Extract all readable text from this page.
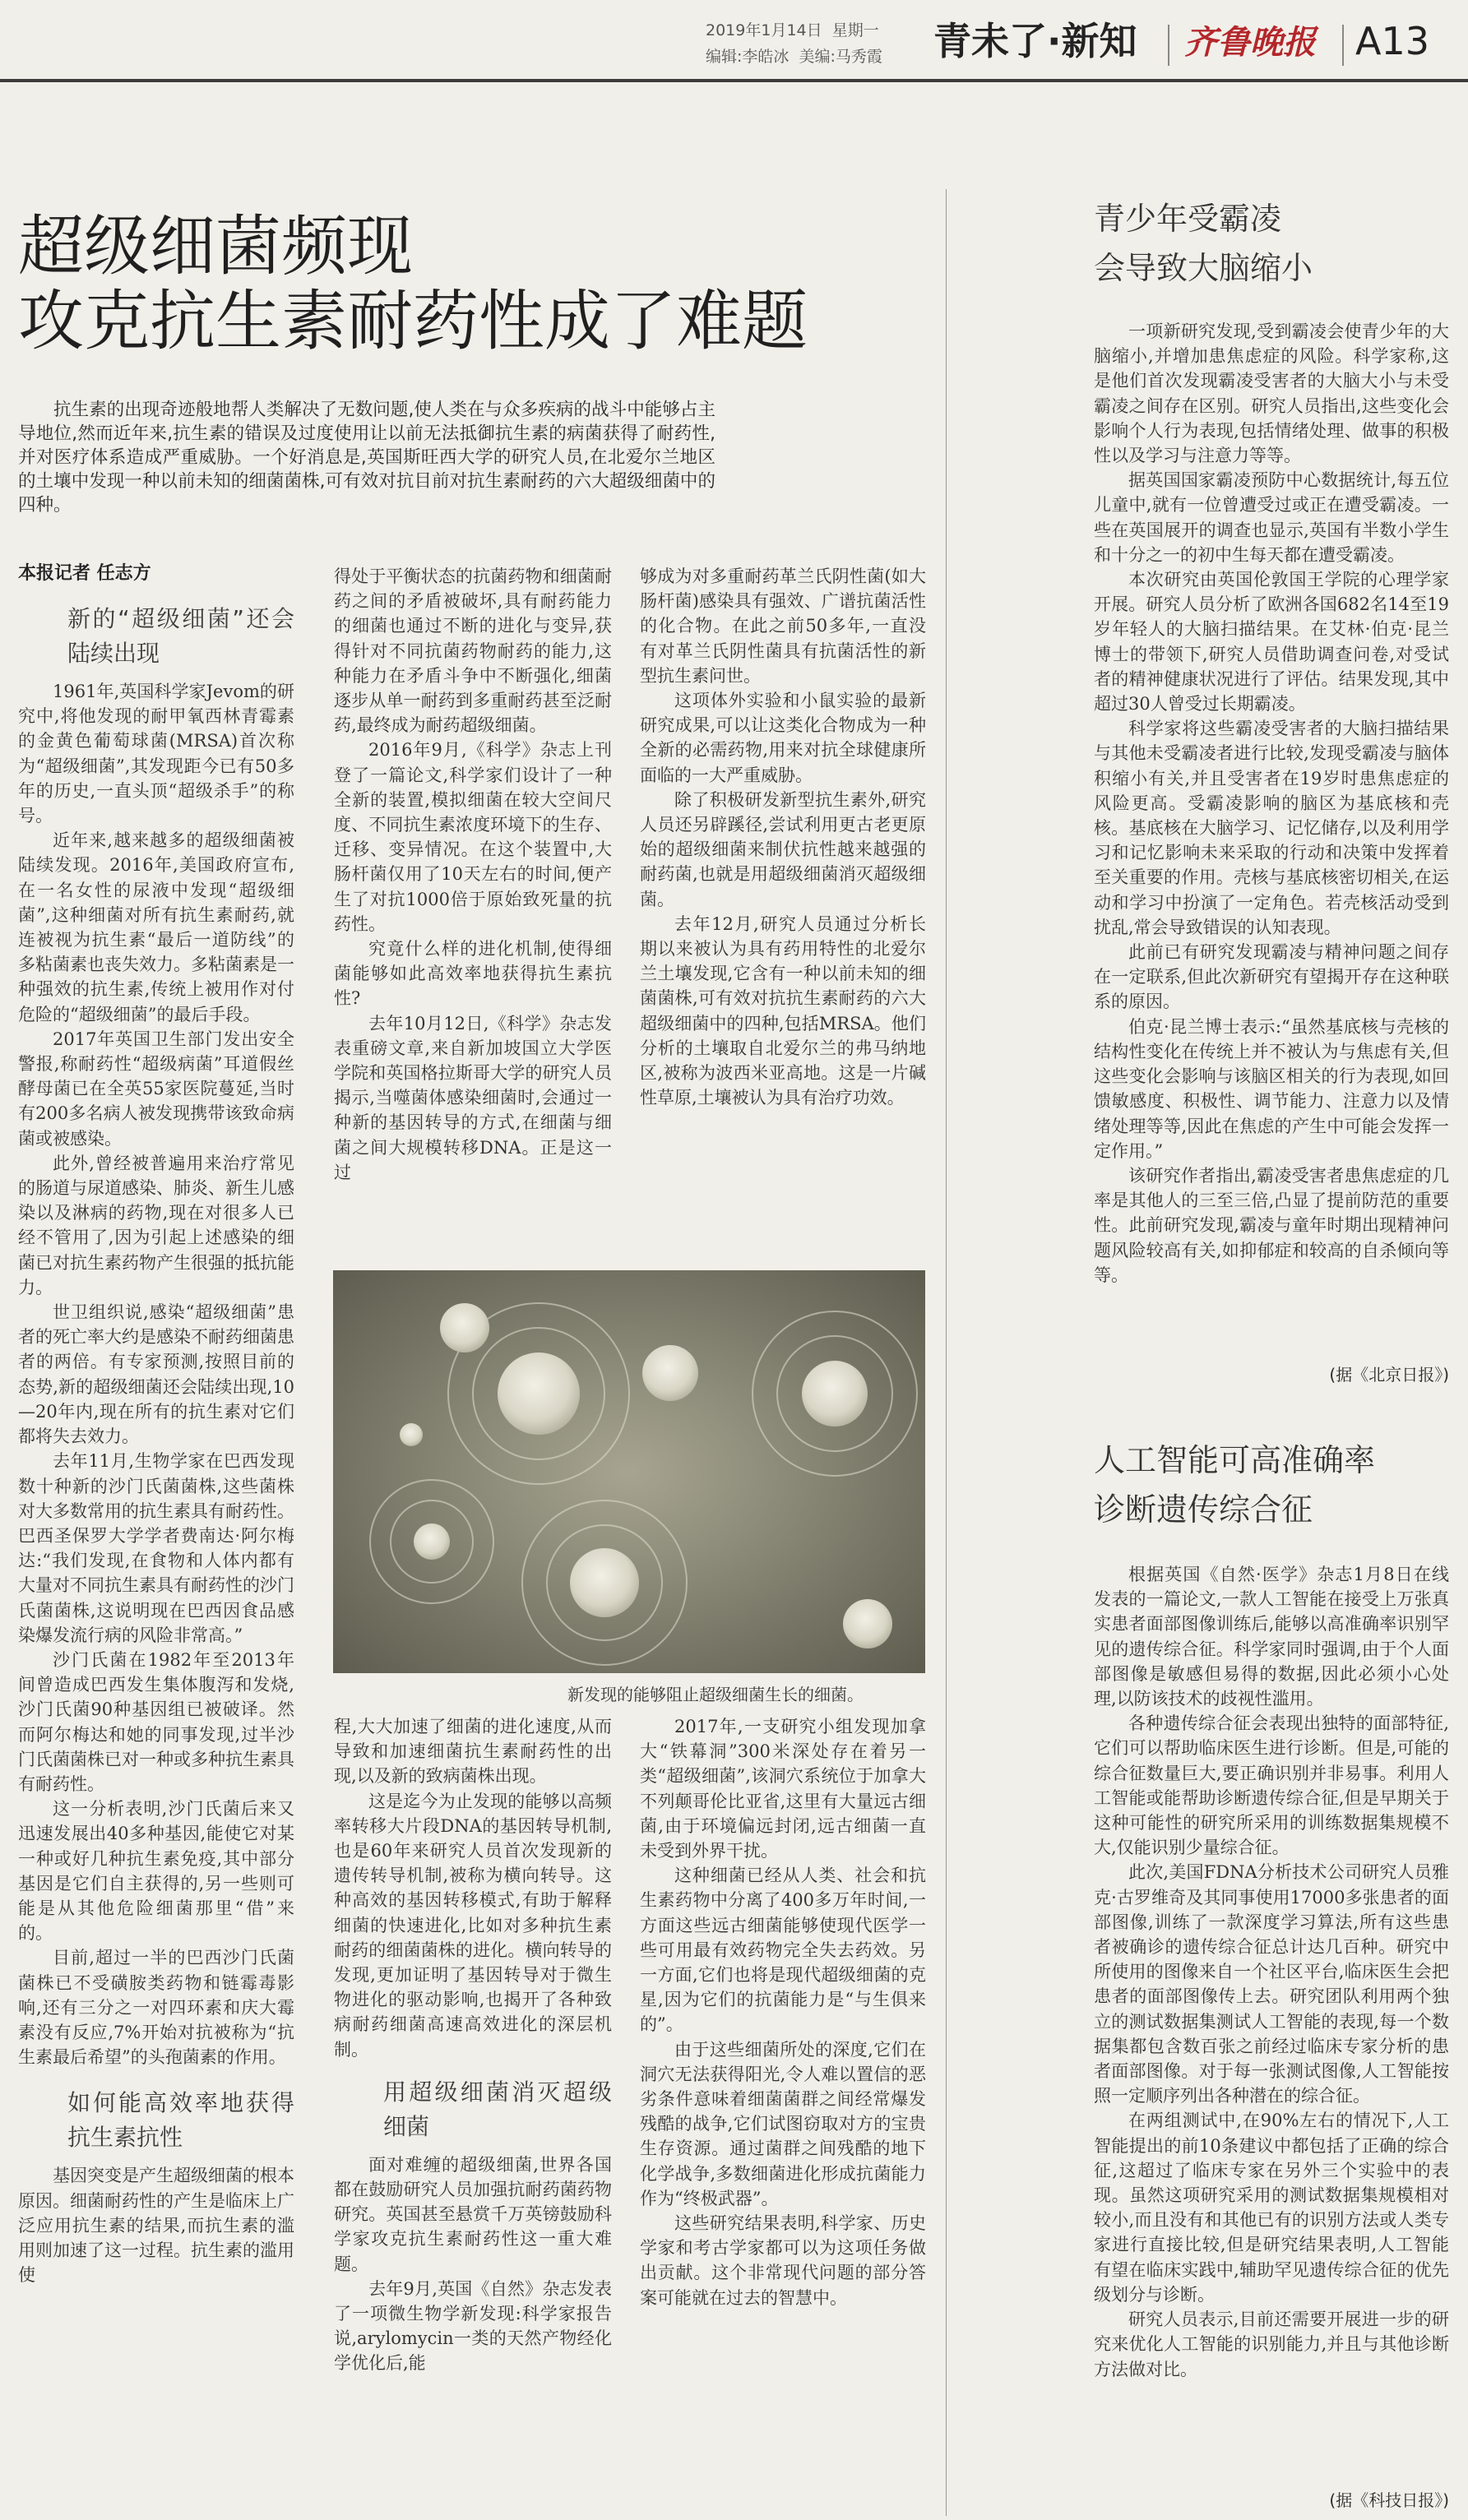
2019年1月14日 星期一
编辑:李皓冰 美编:马秀霞 青未了·新知 齐鲁晚报 A13
超级细菌频现
攻克抗生素耐药性成了难题
抗生素的出现奇迹般地帮人类解决了无数问题,使人类在与众多疾病的战斗中能够占主导地位,然而近年来,抗生素的错误及过度使用让以前无法抵御抗生素的病菌获得了耐药性,并对医疗体系造成严重威胁。一个好消息是,英国斯旺西大学的研究人员,在北爱尔兰地区的土壤中发现一种以前未知的细菌菌株,可有效对抗目前对抗生素耐药的六大超级细菌中的四种。
本报记者 任志方
新的“超级细菌”还会陆续出现

1961年,英国科学家Jevom的研究中,将他发现的耐甲氧西林青霉素的金黄色葡萄球菌(MRSA)首次称为“超级细菌”,其发现距今已有50多年的历史,一直头顶“超级杀手”的称号。

近年来,越来越多的超级细菌被陆续发现。2016年,美国政府宣布,在一名女性的尿液中发现“超级细菌”,这种细菌对所有抗生素耐药,就连被视为抗生素“最后一道防线”的多粘菌素也丧失效力。多粘菌素是一种强效的抗生素,传统上被用作对付危险的“超级细菌”的最后手段。

2017年英国卫生部门发出安全警报,称耐药性“超级病菌”耳道假丝酵母菌已在全英55家医院蔓延,当时有200多名病人被发现携带该致命病菌或被感染。

此外,曾经被普遍用来治疗常见的肠道与尿道感染、肺炎、新生儿感染以及淋病的药物,现在对很多人已经不管用了,因为引起上述感染的细菌已对抗生素药物产生很强的抵抗能力。

世卫组织说,感染“超级细菌”患者的死亡率大约是感染不耐药细菌患者的两倍。有专家预测,按照目前的态势,新的超级细菌还会陆续出现,10—20年内,现在所有的抗生素对它们都将失去效力。

去年11月,生物学家在巴西发现数十种新的沙门氏菌菌株,这些菌株对大多数常用的抗生素具有耐药性。巴西圣保罗大学学者费南达·阿尔梅达:“我们发现,在食物和人体内都有大量对不同抗生素具有耐药性的沙门氏菌菌株,这说明现在巴西因食品感染爆发流行病的风险非常高。”

沙门氏菌在1982年至2013年间曾造成巴西发生集体腹泻和发烧,沙门氏菌90种基因组已被破译。然而阿尔梅达和她的同事发现,过半沙门氏菌菌株已对一种或多种抗生素具有耐药性。

这一分析表明,沙门氏菌后来又迅速发展出40多种基因,能使它对某一种或好几种抗生素免疫,其中部分基因是它们自主获得的,另一些则可能是从其他危险细菌那里“借”来的。

目前,超过一半的巴西沙门氏菌菌株已不受磺胺类药物和链霉毒影响,还有三分之一对四环素和庆大霉素没有反应,7%开始对抗被称为“抗生素最后希望”的头孢菌素的作用。

如何能高效率地获得抗生素抗性

基因突变是产生超级细菌的根本原因。细菌耐药性的产生是临床上广泛应用抗生素的结果,而抗生素的滥用则加速了这一过程。抗生素的滥用使

得处于平衡状态的抗菌药物和细菌耐药之间的矛盾被破坏,具有耐药能力的细菌也通过不断的进化与变异,获得针对不同抗菌药物耐药的能力,这种能力在矛盾斗争中不断强化,细菌逐步从单一耐药到多重耐药甚至泛耐药,最终成为耐药超级细菌。

2016年9月,《科学》杂志上刊登了一篇论文,科学家们设计了一种全新的装置,模拟细菌在较大空间尺度、不同抗生素浓度环境下的生存、迁移、变异情况。在这个装置中,大肠杆菌仅用了10天左右的时间,便产生了对抗1000倍于原始致死量的抗药性。

究竟什么样的进化机制,使得细菌能够如此高效率地获得抗生素抗性?

去年10月12日,《科学》杂志发表重磅文章,来自新加坡国立大学医学院和英国格拉斯哥大学的研究人员揭示,当噬菌体感染细菌时,会通过一种新的基因转导的方式,在细菌与细菌之间大规模转移DNA。正是这一过

够成为对多重耐药革兰氏阴性菌(如大肠杆菌)感染具有强效、广谱抗菌活性的化合物。在此之前50多年,一直没有对革兰氏阴性菌具有抗菌活性的新型抗生素问世。

这项体外实验和小鼠实验的最新研究成果,可以让这类化合物成为一种全新的必需药物,用来对抗全球健康所面临的一大严重威胁。

除了积极研发新型抗生素外,研究人员还另辟蹊径,尝试利用更古老更原始的超级细菌来制伏抗性越来越强的耐药菌,也就是用超级细菌消灭超级细菌。

去年12月,研究人员通过分析长期以来被认为具有药用特性的北爱尔兰土壤发现,它含有一种以前未知的细菌菌株,可有效对抗抗生素耐药的六大超级细菌中的四种,包括MRSA。他们分析的土壤取自北爱尔兰的弗马纳地区,被称为波西米亚高地。这是一片碱性草原,土壤被认为具有治疗功效。

新发现的能够阻止超级细菌生长的细菌。

程,大大加速了细菌的进化速度,从而导致和加速细菌抗生素耐药性的出现,以及新的致病菌株出现。

这是迄今为止发现的能够以高频率转移大片段DNA的基因转导机制,也是60年来研究人员首次发现新的遗传转导机制,被称为横向转导。这种高效的基因转移模式,有助于解释细菌的快速进化,比如对多种抗生素耐药的细菌菌株的进化。横向转导的发现,更加证明了基因转导对于微生物进化的驱动影响,也揭开了各种致病耐药细菌高速高效进化的深层机制。

用超级细菌消灭超级细菌

面对难缠的超级细菌,世界各国都在鼓励研究人员加强抗耐药菌药物研究。英国甚至悬赏千万英镑鼓励科学家攻克抗生素耐药性这一重大难题。

去年9月,英国《自然》杂志发表了一项微生物学新发现:科学家报告说,arylomycin一类的天然产物经化学优化后,能

2017年,一支研究小组发现加拿大“铁幕洞”300米深处存在着另一类“超级细菌”,该洞穴系统位于加拿大不列颠哥伦比亚省,这里有大量远古细菌,由于环境偏远封闭,远古细菌一直未受到外界干扰。

这种细菌已经从人类、社会和抗生素药物中分离了400多万年时间,一方面这些远古细菌能够使现代医学一些可用最有效药物完全失去药效。另一方面,它们也将是现代超级细菌的克星,因为它们的抗菌能力是“与生俱来的”。

由于这些细菌所处的深度,它们在洞穴无法获得阳光,令人难以置信的恶劣条件意味着细菌菌群之间经常爆发残酷的战争,它们试图窃取对方的宝贵生存资源。通过菌群之间残酷的地下化学战争,多数细菌进化形成抗菌能力作为“终极武器”。

这些研究结果表明,科学家、历史学家和考古学家都可以为这项任务做出贡献。这个非常现代问题的部分答案可能就在过去的智慧中。

青少年受霸凌
会导致大脑缩小

一项新研究发现,受到霸凌会使青少年的大脑缩小,并增加患焦虑症的风险。科学家称,这是他们首次发现霸凌受害者的大脑大小与未受霸凌之间存在区别。研究人员指出,这些变化会影响个人行为表现,包括情绪处理、做事的积极性以及学习与注意力等等。

据英国国家霸凌预防中心数据统计,每五位儿童中,就有一位曾遭受过或正在遭受霸凌。一些在英国展开的调查也显示,英国有半数小学生和十分之一的初中生每天都在遭受霸凌。

本次研究由英国伦敦国王学院的心理学家开展。研究人员分析了欧洲各国682名14至19岁年轻人的大脑扫描结果。在艾林·伯克·昆兰博士的带领下,研究人员借助调查问卷,对受试者的精神健康状况进行了评估。结果发现,其中超过30人曾受过长期霸凌。

科学家将这些霸凌受害者的大脑扫描结果与其他未受霸凌者进行比较,发现受霸凌与脑体积缩小有关,并且受害者在19岁时患焦虑症的风险更高。受霸凌影响的脑区为基底核和壳核。基底核在大脑学习、记忆储存,以及利用学习和记忆影响未来采取的行动和决策中发挥着至关重要的作用。壳核与基底核密切相关,在运动和学习中扮演了一定角色。若壳核活动受到扰乱,常会导致错误的认知表现。

此前已有研究发现霸凌与精神问题之间存在一定联系,但此次新研究有望揭开存在这种联系的原因。

伯克·昆兰博士表示:“虽然基底核与壳核的结构性变化在传统上并不被认为与焦虑有关,但这些变化会影响与该脑区相关的行为表现,如回馈敏感度、积极性、调节能力、注意力以及情绪处理等等,因此在焦虑的产生中可能会发挥一定作用。”

该研究作者指出,霸凌受害者患焦虑症的几率是其他人的三至三倍,凸显了提前防范的重要性。此前研究发现,霸凌与童年时期出现精神问题风险较高有关,如抑郁症和较高的自杀倾向等等。

(据《北京日报》)
人工智能可高准确率
诊断遗传综合征

根据英国《自然·医学》杂志1月8日在线发表的一篇论文,一款人工智能在接受上万张真实患者面部图像训练后,能够以高准确率识别罕见的遗传综合征。科学家同时强调,由于个人面部图像是敏感但易得的数据,因此必须小心处理,以防该技术的歧视性滥用。

各种遗传综合征会表现出独特的面部特征,它们可以帮助临床医生进行诊断。但是,可能的综合征数量巨大,要正确识别并非易事。利用人工智能或能帮助诊断遗传综合征,但是早期关于这种可能性的研究所采用的训练数据集规模不大,仅能识别少量综合征。

此次,美国FDNA分析技术公司研究人员雅克·古罗维奇及其同事使用17000多张患者的面部图像,训练了一款深度学习算法,所有这些患者被确诊的遗传综合征总计达几百种。研究中所使用的图像来自一个社区平台,临床医生会把患者的面部图像传上去。研究团队利用两个独立的测试数据集测试人工智能的表现,每一个数据集都包含数百张之前经过临床专家分析的患者面部图像。对于每一张测试图像,人工智能按照一定顺序列出各种潜在的综合征。

在两组测试中,在90%左右的情况下,人工智能提出的前10条建议中都包括了正确的综合征,这超过了临床专家在另外三个实验中的表现。虽然这项研究采用的测试数据集规模相对较小,而且没有和其他已有的识别方法或人类专家进行直接比较,但是研究结果表明,人工智能有望在临床实践中,辅助罕见遗传综合征的优先级划分与诊断。

研究人员表示,目前还需要开展进一步的研究来优化人工智能的识别能力,并且与其他诊断方法做对比。

(据《科技日报》)
